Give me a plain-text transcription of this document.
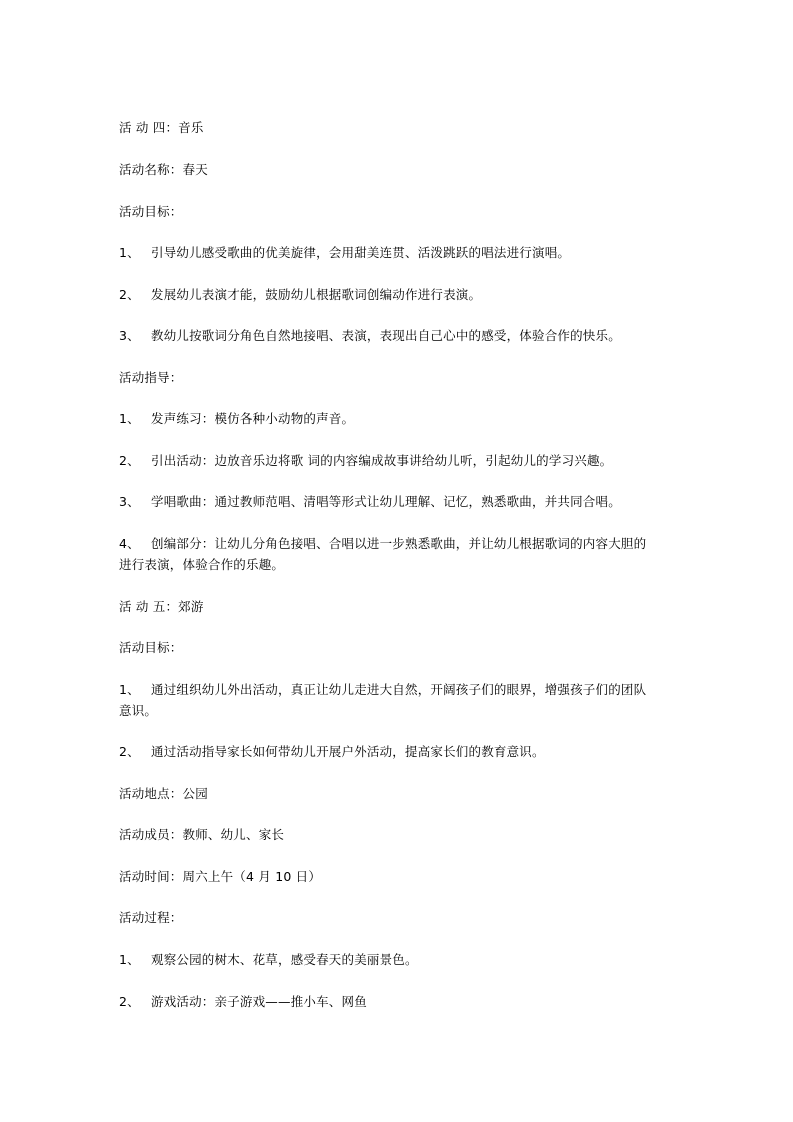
活 动 四：音乐
活动名称：春天
活动目标：
1、 引导幼儿感受歌曲的优美旋律，会用甜美连贯、活泼跳跃的唱法进行演唱。
2、 发展幼儿表演才能，鼓励幼儿根据歌词创编动作进行表演。
3、 教幼儿按歌词分角色自然地接唱、表演，表现出自己心中的感受，体验合作的快乐。
活动指导：
1、 发声练习：模仿各种小动物的声音。
2、 引出活动：边放音乐边将歌 词的内容编成故事讲给幼儿听，引起幼儿的学习兴趣。
3、 学唱歌曲：通过教师范唱、清唱等形式让幼儿理解、记忆，熟悉歌曲，并共同合唱。
4、 创编部分：让幼儿分角色接唱、合唱以进一步熟悉歌曲，并让幼儿根据歌词的内容大胆的
进行表演，体验合作的乐趣。
活 动 五：郊游
活动目标：
1、 通过组织幼儿外出活动，真正让幼儿走进大自然，开阔孩子们的眼界，增强孩子们的团队
意识。
2、 通过活动指导家长如何带幼儿开展户外活动，提高家长们的教育意识。
活动地点：公园
活动成员：教师、幼儿、家长
活动时间：周六上午（4 月 10 日）
活动过程：
1、 观察公园的树木、花草，感受春天的美丽景色。
2、 游戏活动：亲子游戏——推小车、网鱼
